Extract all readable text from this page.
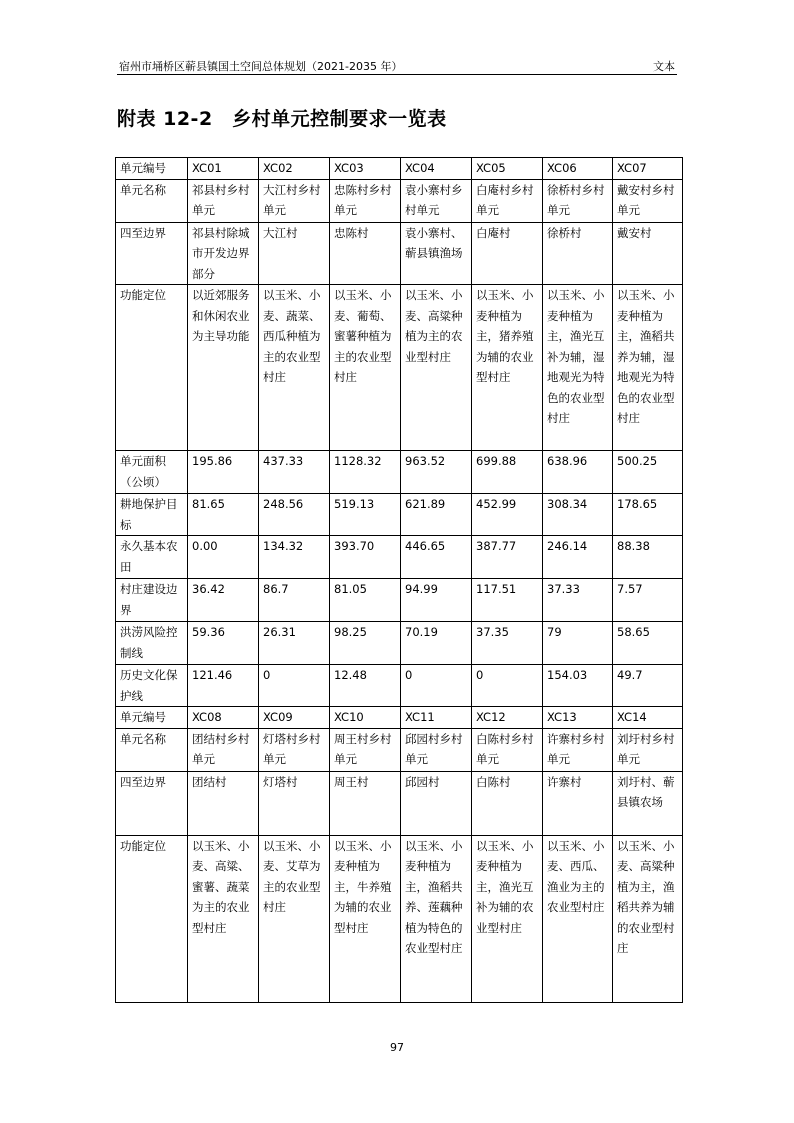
宿州市埇桥区蕲县镇国土空间总体规划（2021-2035 年）	文本
附表 12-2　乡村单元控制要求一览表
单元编号	XC01	XC02	XC03	XC04	XC05	XC06	XC07
单元名称	祁县村乡村单元	大江村乡村单元	忠陈村乡村单元	袁小寨村乡村单元	白庵村乡村单元	徐桥村乡村单元	戴安村乡村单元
四至边界	祁县村除城市开发边界部分	大江村	忠陈村	袁小寨村、蕲县镇渔场	白庵村	徐桥村	戴安村
功能定位	以近郊服务和休闲农业为主导功能	以玉米、小麦、蔬菜、西瓜种植为主的农业型村庄	以玉米、小麦、葡萄、蜜薯种植为主的农业型村庄	以玉米、小麦、高粱种植为主的农业型村庄	以玉米、小麦种植为主，猪养殖为辅的农业型村庄	以玉米、小麦种植为主，渔光互补为辅，湿地观光为特色的农业型村庄	以玉米、小麦种植为主，渔稻共养为辅，湿地观光为特色的农业型村庄
单元面积（公顷）	195.86	437.33	1128.32	963.52	699.88	638.96	500.25
耕地保护目标	81.65	248.56	519.13	621.89	452.99	308.34	178.65
永久基本农田	0.00	134.32	393.70	446.65	387.77	246.14	88.38
村庄建设边界	36.42	86.7	81.05	94.99	117.51	37.33	7.57
洪涝风险控制线	59.36	26.31	98.25	70.19	37.35	79	58.65
历史文化保护线	121.46	0	12.48	0	0	154.03	49.7
单元编号	XC08	XC09	XC10	XC11	XC12	XC13	XC14
单元名称	团结村乡村单元	灯塔村乡村单元	周王村乡村单元	邱园村乡村单元	白陈村乡村单元	许寨村乡村单元	刘圩村乡村单元
四至边界	团结村	灯塔村	周王村	邱园村	白陈村	许寨村	刘圩村、蕲县镇农场
功能定位	以玉米、小麦、高粱、蜜薯、蔬菜为主的农业型村庄	以玉米、小麦、艾草为主的农业型村庄	以玉米、小麦种植为主，牛养殖为辅的农业型村庄	以玉米、小麦种植为主，渔稻共养、莲藕种植为特色的农业型村庄	以玉米、小麦种植为主，渔光互补为辅的农业型村庄	以玉米、小麦、西瓜、渔业为主的农业型村庄	以玉米、小麦、高粱种植为主，渔稻共养为辅的农业型村庄
97
